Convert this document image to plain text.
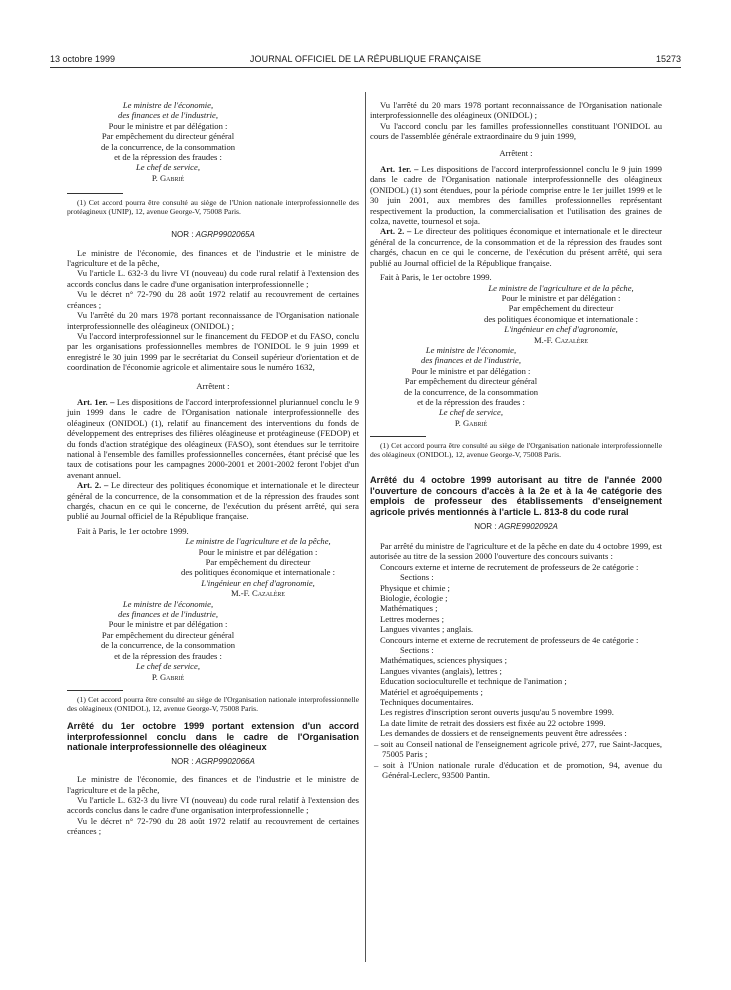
13 octobre 1999	JOURNAL OFFICIEL DE LA RÉPUBLIQUE FRANÇAISE	15273
Le ministre de l'économie,
des finances et de l'industrie,
Pour le ministre et par délégation :
Par empêchement du directeur général
de la concurrence, de la consommation
et de la répression des fraudes :
Le chef de service,
P. Gabrié

(1) Cet accord pourra être consulté au siège de l'Union nationale interprofessionnelle des protéagineux (UNIP), 12, avenue George-V, 75008 Paris.

NOR : AGRP9902065A

Le ministre de l'économie, des finances et de l'industrie et le ministre de l'agriculture et de la pêche,

Vu l'article L. 632-3 du livre VI (nouveau) du code rural relatif à l'extension des accords conclus dans le cadre d'une organisation interprofessionnelle ;

Vu le décret n° 72-790 du 28 août 1972 relatif au recouvrement de certaines créances ;

Vu l'arrêté du 20 mars 1978 portant reconnaissance de l'Organisation nationale interprofessionnelle des oléagineux (ONIDOL) ;

Vu l'accord interprofessionnel sur le financement du FEDOP et du FASO, conclu par les organisations professionnelles membres de l'ONIDOL le 9 juin 1999 et enregistré le 30 juin 1999 par le secrétariat du Conseil supérieur d'orientation et de coordination de l'économie agricole et alimentaire sous le numéro 1632,

Arrêtent :

Art. 1er. – Les dispositions de l'accord interprofessionnel pluriannuel conclu le 9 juin 1999 dans le cadre de l'Organisation nationale interprofessionnelle des oléagineux (ONIDOL) (1), relatif au financement des interventions du fonds de développement des entreprises des filières oléagineuse et protéagineuse (FEDOP) et du fonds d'action stratégique des oléagineux (FASO), sont étendues sur le territoire national à l'ensemble des familles professionnelles concernées, étant précisé que les taux de cotisations pour les campagnes 2000-2001 et 2001-2002 feront l'objet d'un avenant annuel.

Art. 2. – Le directeur des politiques économique et internationale et le directeur général de la concurrence, de la consommation et de la répression des fraudes sont chargés, chacun en ce qui le concerne, de l'exécution du présent arrêté, qui sera publié au Journal officiel de la République française.

Fait à Paris, le 1er octobre 1999.

Le ministre de l'agriculture et de la pêche,
Pour le ministre et par délégation :
Par empêchement du directeur
des politiques économique et internationale :
L'ingénieur en chef d'agronomie,
M.-F. Cazalère
Le ministre de l'économie,
des finances et de l'industrie,
Pour le ministre et par délégation :
Par empêchement du directeur général
de la concurrence, de la consommation
et de la répression des fraudes :
Le chef de service,
P. Gabrié

(1) Cet accord pourra être consulté au siège de l'Organisation nationale interprofessionnelle des oléagineux (ONIDOL), 12, avenue George-V, 75008 Paris.

Arrêté du 1er octobre 1999 portant extension d'un accord interprofessionnel conclu dans le cadre de l'Organisation nationale interprofessionnelle des oléagineux

NOR : AGRP9902066A

Le ministre de l'économie, des finances et de l'industrie et le ministre de l'agriculture et de la pêche,

Vu l'article L. 632-3 du livre VI (nouveau) du code rural relatif à l'extension des accords conclus dans le cadre d'une organisation interprofessionnelle ;

Vu le décret n° 72-790 du 28 août 1972 relatif au recouvrement de certaines créances ;

Vu l'arrêté du 20 mars 1978 portant reconnaissance de l'Organisation nationale interprofessionnelle des oléagineux (ONIDOL) ;

Vu l'accord conclu par les familles professionnelles constituant l'ONIDOL au cours de l'assemblée générale extraordinaire du 9 juin 1999,

Arrêtent :

Art. 1er. – Les dispositions de l'accord interprofessionnel conclu le 9 juin 1999 dans le cadre de l'Organisation nationale interprofessionnelle des oléagineux (ONIDOL) (1) sont étendues, pour la période comprise entre le 1er juillet 1999 et le 30 juin 2001, aux membres des familles professionnelles représentant respectivement la production, la commercialisation et l'utilisation des graines de colza, navette, tournesol et soja.

Art. 2. – Le directeur des politiques économique et internationale et le directeur général de la concurrence, de la consommation et de la répression des fraudes sont chargés, chacun en ce qui le concerne, de l'exécution du présent arrêté, qui sera publié au Journal officiel de la République française.

Fait à Paris, le 1er octobre 1999.

Le ministre de l'agriculture et de la pêche,
Pour le ministre et par délégation :
Par empêchement du directeur
des politiques économique et internationale :
L'ingénieur en chef d'agronomie,
M.-F. Cazalère
Le ministre de l'économie,
des finances et de l'industrie,
Pour le ministre et par délégation :
Par empêchement du directeur général
de la concurrence, de la consommation
et de la répression des fraudes :
Le chef de service,
P. Gabrié

(1) Cet accord pourra être consulté au siège de l'Organisation nationale interprofessionnelle des oléagineux (ONIDOL), 12, avenue George-V, 75008 Paris.

Arrêté du 4 octobre 1999 autorisant au titre de l'année 2000 l'ouverture de concours d'accès à la 2e et à la 4e catégorie des emplois de professeur des établissements d'enseignement agricole privés mentionnés à l'article L. 813-8 du code rural

NOR : AGRE9902092A

Par arrêté du ministre de l'agriculture et de la pêche en date du 4 octobre 1999, est autorisée au titre de la session 2000 l'ouverture des concours suivants :

Concours externe et interne de recrutement de professeurs de 2e catégorie :

Sections :
Physique et chimie ;
Biologie, écologie ;
Mathématiques ;
Lettres modernes ;
Langues vivantes ; anglais.

Concours interne et externe de recrutement de professeurs de 4e catégorie :

Sections :
Mathématiques, sciences physiques ;
Langues vivantes (anglais), lettres ;
Education socioculturelle et technique de l'animation ;
Matériel et agroéquipements ;
Techniques documentaires.

Les registres d'inscription seront ouverts jusqu'au 5 novembre 1999.

La date limite de retrait des dossiers est fixée au 22 octobre 1999.

Les demandes de dossiers et de renseignements peuvent être adressées :

– soit au Conseil national de l'enseignement agricole privé, 277, rue Saint-Jacques, 75005 Paris ;

– soit à l'Union nationale rurale d'éducation et de promotion, 94, avenue du Général-Leclerc, 93500 Pantin.
